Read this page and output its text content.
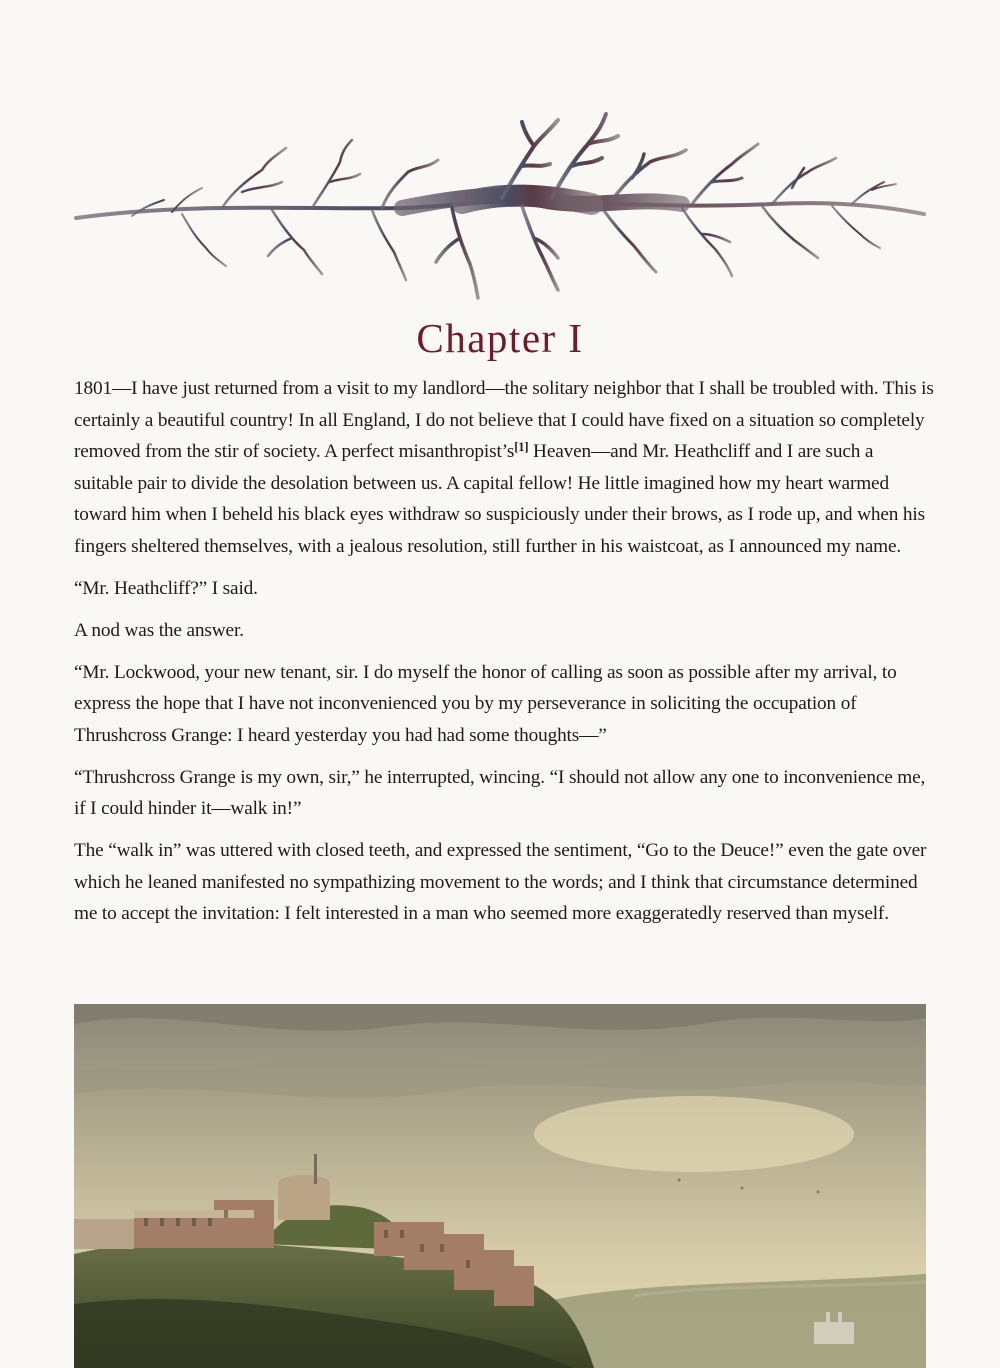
Chapter I

1801—I have just returned from a visit to my landlord—the solitary neighbor that I shall be troubled with. This is certainly a beautiful country! In all England, I do not believe that I could have fixed on a situation so completely removed from the stir of society. A perfect misanthropist’s[1] Heaven—and Mr. Heathcliff and I are such a suitable pair to divide the desolation between us. A capital fellow! He little imagined how my heart warmed toward him when I beheld his black eyes withdraw so suspiciously under their brows, as I rode up, and when his fingers sheltered themselves, with a jealous resolution, still further in his waistcoat, as I announced my name.

“Mr. Heathcliff?” I said.

A nod was the answer.

“Mr. Lockwood, your new tenant, sir. I do myself the honor of calling as soon as possible after my arrival, to express the hope that I have not inconvenienced you by my perseverance in soliciting the occupation of Thrushcross Grange: I heard yesterday you had had some thoughts—”

“Thrushcross Grange is my own, sir,” he interrupted, wincing. “I should not allow any one to inconvenience me, if I could hinder it—walk in!”

The “walk in” was uttered with closed teeth, and expressed the sentiment, “Go to the Deuce!” even the gate over which he leaned manifested no sympathizing movement to the words; and I think that circumstance determined me to accept the invitation: I felt interested in a man who seemed more exaggeratedly reserved than myself.
